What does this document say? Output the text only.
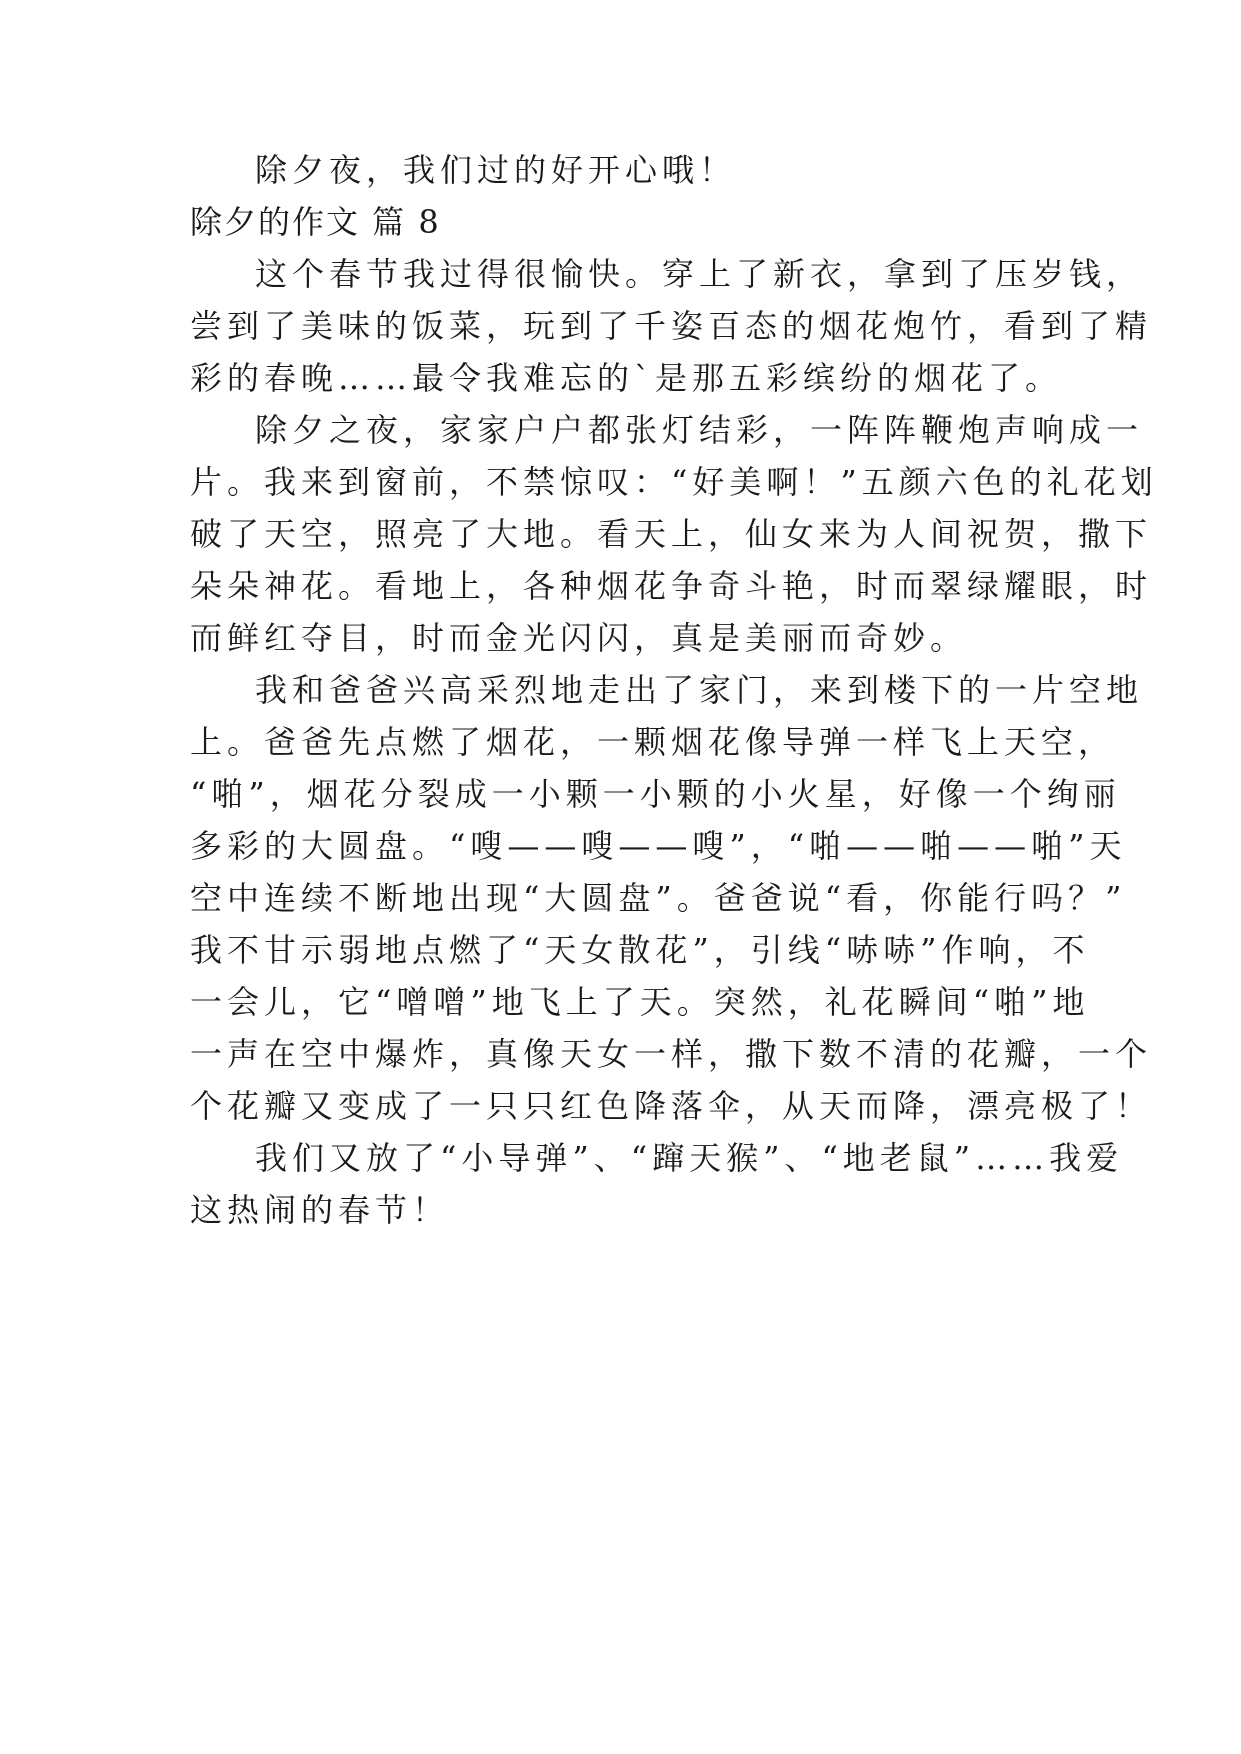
除夕夜，我们过的好开心哦！
除夕的作文 篇 8
这个春节我过得很愉快。穿上了新衣，拿到了压岁钱，
尝到了美味的饭菜，玩到了千姿百态的烟花炮竹，看到了精
彩的春晚……最令我难忘的`是那五彩缤纷的烟花了。
除夕之夜，家家户户都张灯结彩，一阵阵鞭炮声响成一
片。我来到窗前，不禁惊叹：“好美啊！”五颜六色的礼花划
破了天空，照亮了大地。看天上，仙女来为人间祝贺，撒下
朵朵神花。看地上，各种烟花争奇斗艳，时而翠绿耀眼，时
而鲜红夺目，时而金光闪闪，真是美丽而奇妙。
我和爸爸兴高采烈地走出了家门，来到楼下的一片空地
上。爸爸先点燃了烟花，一颗烟花像导弹一样飞上天空，
“啪”，烟花分裂成一小颗一小颗的小火星，好像一个绚丽
多彩的大圆盘。“嗖——嗖——嗖”，“啪——啪——啪”天
空中连续不断地出现“大圆盘”。爸爸说“看，你能行吗？”
我不甘示弱地点燃了“天女散花”，引线“哧哧”作响，不
一会儿，它“噌噌”地飞上了天。突然，礼花瞬间“啪”地
一声在空中爆炸，真像天女一样，撒下数不清的花瓣，一个
个花瓣又变成了一只只红色降落伞，从天而降，漂亮极了！
我们又放了“小导弹”、“蹿天猴”、“地老鼠”……我爱
这热闹的春节！
